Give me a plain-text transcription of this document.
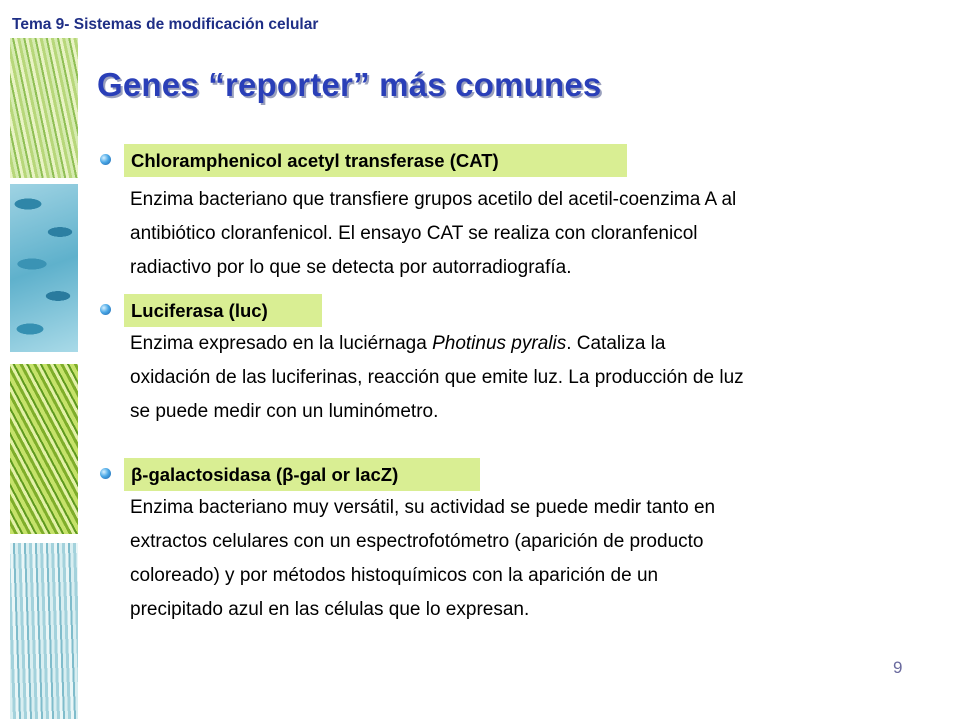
Tema 9- Sistemas de modificación celular
Genes “reporter” más comunes
Chloramphenicol acetyl transferase (CAT)

Enzima bacteriano que transfiere grupos acetilo del acetil-coenzima A al

antibiótico cloranfenicol. El ensayo CAT se realiza con cloranfenicol

radiactivo por lo que se detecta por autorradiografía.

Luciferasa (luc)

Enzima expresado en la luciérnaga Photinus pyralis. Cataliza la

oxidación de las luciferinas, reacción que emite luz. La producción de luz

se puede medir con un luminómetro.

β-galactosidasa (β-gal or lacZ)

Enzima bacteriano muy versátil, su actividad se puede medir tanto en

extractos celulares con un espectrofotómetro (aparición de producto

coloreado) y por métodos histoquímicos con la aparición de un

precipitado azul en las células que lo expresan.

9
